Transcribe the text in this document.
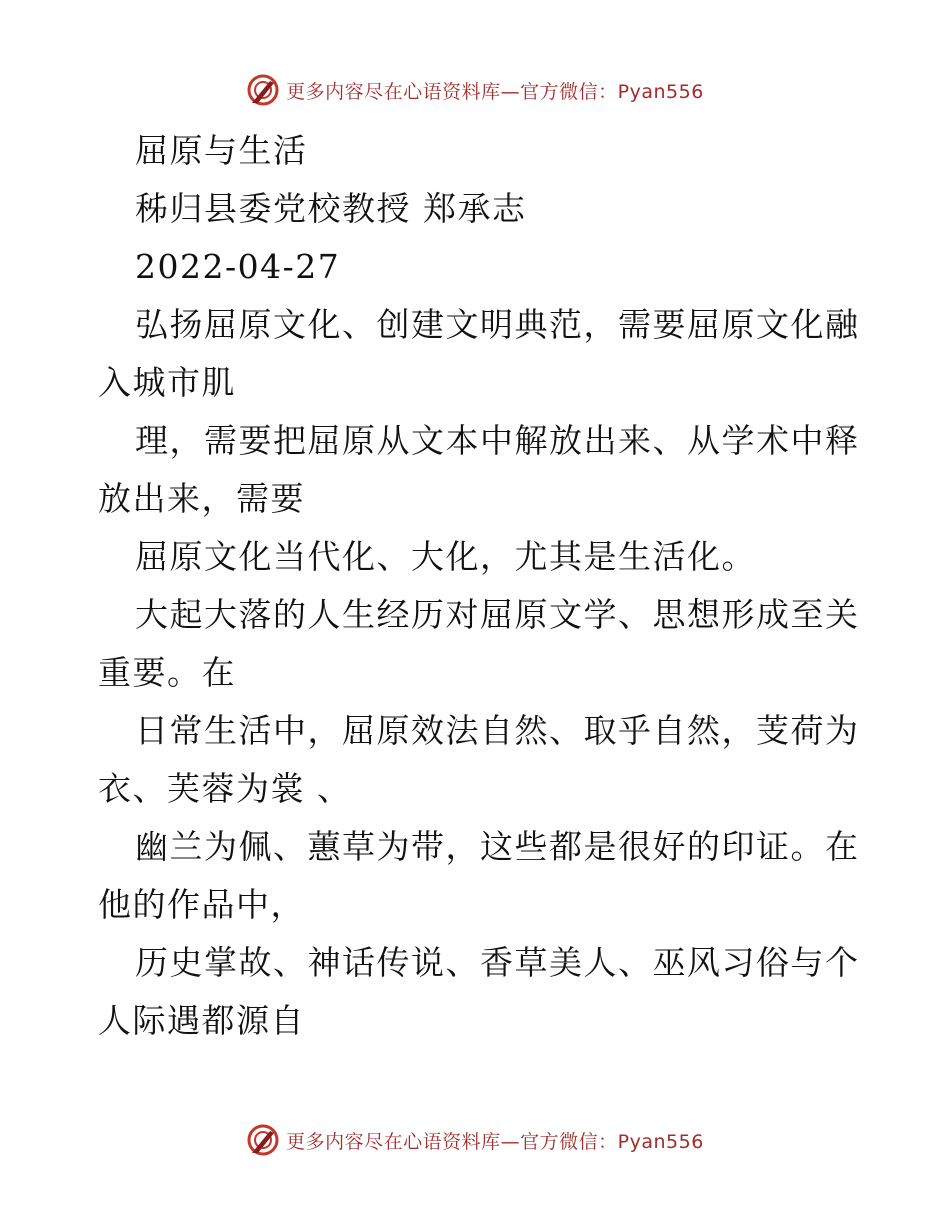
更多内容尽在心语资料库—官方微信：Pyan556
屈原与生活
秭归县委党校教授 郑承志
2022-04-27
弘扬屈原文化、创建文明典范，需要屈原文化融
入城市肌
理，需要把屈原从文本中解放出来、从学术中释
放出来，需要
屈原文化当代化、大化，尤其是生活化。
大起大落的人生经历对屈原文学、思想形成至关
重要。在
日常生活中，屈原效法自然、取乎自然，芰荷为
衣、芙蓉为裳 、
幽兰为佩、蕙草为带，这些都是很好的印证。在
他的作品中，
历史掌故、神话传说、香草美人、巫风习俗与个
人际遇都源自
更多内容尽在心语资料库—官方微信：Pyan556
